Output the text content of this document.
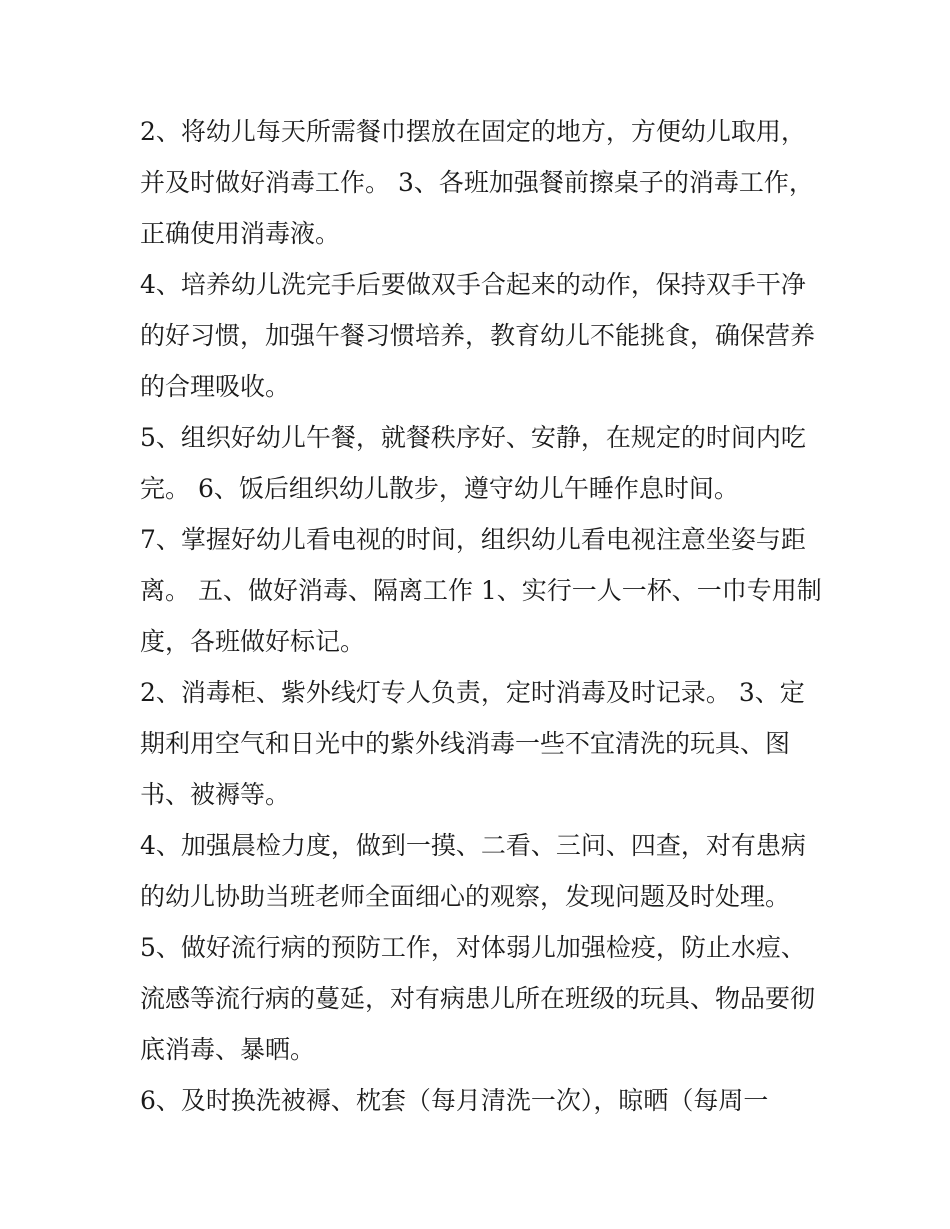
2、将幼儿每天所需餐巾摆放在固定的地方，方便幼儿取用，
并及时做好消毒工作。 3、各班加强餐前擦桌子的消毒工作，
正确使用消毒液。
4、培养幼儿洗完手后要做双手合起来的动作，保持双手干净
的好习惯，加强午餐习惯培养，教育幼儿不能挑食，确保营养
的合理吸收。
5、组织好幼儿午餐，就餐秩序好、安静，在规定的时间内吃
完。 6、饭后组织幼儿散步，遵守幼儿午睡作息时间。
7、掌握好幼儿看电视的时间，组织幼儿看电视注意坐姿与距
离。 五、做好消毒、隔离工作 1、实行一人一杯、一巾专用制
度，各班做好标记。
2、消毒柜、紫外线灯专人负责，定时消毒及时记录。 3、定
期利用空气和日光中的紫外线消毒一些不宜清洗的玩具、图
书、被褥等。
4、加强晨检力度，做到一摸、二看、三问、四查，对有患病
的幼儿协助当班老师全面细心的观察，发现问题及时处理。
5、做好流行病的预防工作，对体弱儿加强检疫，防止水痘、
流感等流行病的蔓延，对有病患儿所在班级的玩具、物品要彻
底消毒、暴晒。
6、及时换洗被褥、枕套（每月清洗一次），晾晒（每周一
